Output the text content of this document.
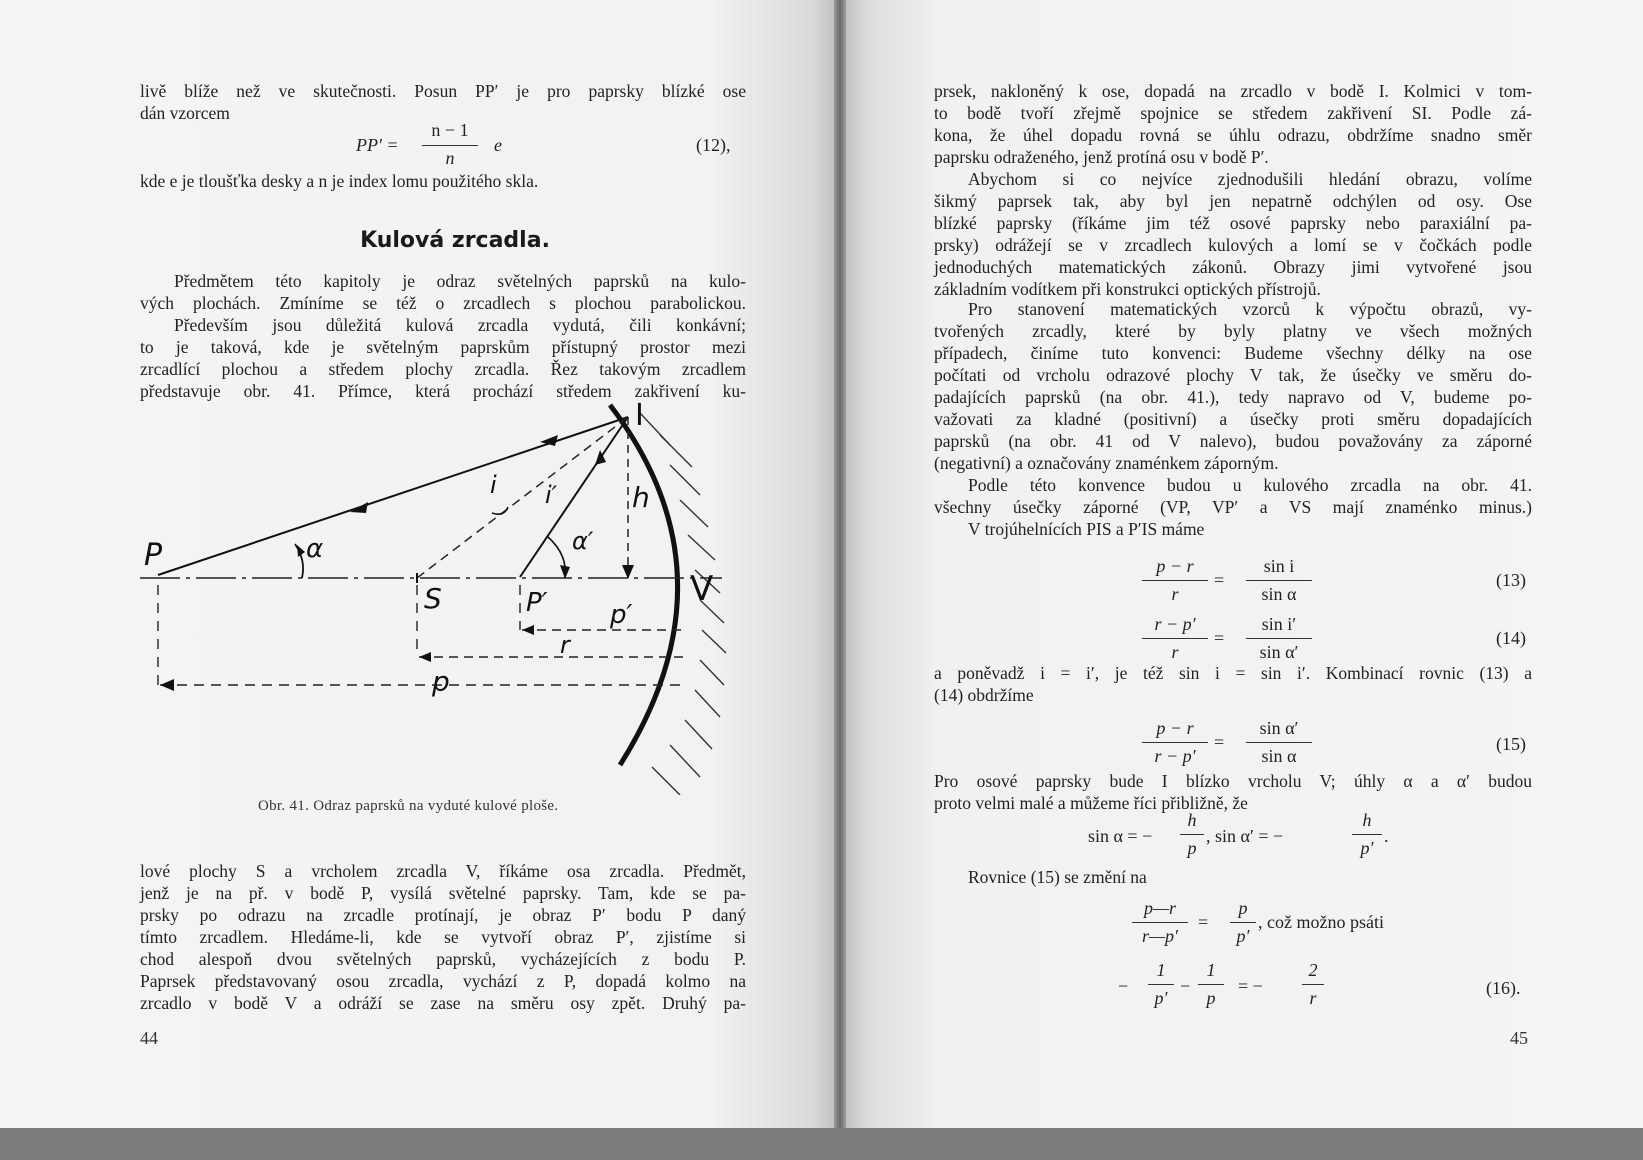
livě blíže než ve skutečnosti. Posun PP′ je pro paprsky blízké ose
dán vzorcem
PP′ =
n − 1
n
e	(12),
kde e je tloušťka desky a n je index lomu použitého skla.
Kulová zrcadla.
Předmětem této kapitoly je odraz světelných paprsků na kulo-
vých plochách. Zmíníme se též o zrcadlech s plochou parabolickou.
Především jsou důležitá kulová zrcadla vydutá, čili konkávní;
to je taková, kde je světelným paprskům přístupný prostor mezi
zrcadlící plochou a středem plochy zrcadla. Řez takovým zrcadlem
představuje obr. 41. Přímce, která prochází středem zakřivení ku-
P	α
i i′
α′
I
h
S	P′	V
p′
r
p
Obr. 41. Odraz paprsků na vyduté kulové ploše.
lové plochy S a vrcholem zrcadla V, říkáme osa zrcadla. Předmět,
jenž je na př. v bodě P, vysílá světelné paprsky. Tam, kde se pa-
prsky po odrazu na zrcadle protínají, je obraz P′ bodu P daný
tímto zrcadlem. Hledáme-li, kde se vytvoří obraz P′, zjistíme si
chod alespoň dvou světelných paprsků, vycházejících z bodu P.
Paprsek představovaný osou zrcadla, vychází z P, dopadá kolmo na
zrcadlo v bodě V a odráží se zase na směru osy zpět. Druhý pa-
44
prsek, nakloněný k ose, dopadá na zrcadlo v bodě I. Kolmici v tom-
to bodě tvoří zřejmě spojnice se středem zakřivení SI. Podle zá-
kona, že úhel dopadu rovná se úhlu odrazu, obdržíme snadno směr
paprsku odraženého, jenž protíná osu v bodě P′.
Abychom si co nejvíce zjednodušili hledání obrazu, volíme
šikmý paprsek tak, aby byl jen nepatrně odchýlen od osy. Ose
blízké paprsky (říkáme jim též osové paprsky nebo paraxiální pa-
prsky) odrážejí se v zrcadlech kulových a lomí se v čočkách podle
jednoduchých matematických zákonů. Obrazy jimi vytvořené jsou
základním vodítkem při konstrukci optických přístrojů.
Pro stanovení matematických vzorců k výpočtu obrazů, vy-
tvořených zrcadly, které by byly platny ve všech možných
případech, činíme tuto konvenci: Budeme všechny délky na ose
počítati od vrcholu odrazové plochy V tak, že úsečky ve směru do-
padajících paprsků (na obr. 41.), tedy napravo od V, budeme po-
važovati za kladné (positivní) a úsečky proti směru dopadajících
paprsků (na obr. 41 od V nalevo), budou považovány za záporné
(negativní) a označovány znaménkem záporným.
Podle této konvence budou u kulového zrcadla na obr. 41.
všechny úsečky záporné (VP, VP′ a VS mají znaménko minus.)
V trojúhelnících PIS a P′IS máme
p − r
r
=
sin i
sin α
(13)
r − p′
r
=
sin i′
sin α′
(14)
a poněvadž i = i′, je též sin i = sin i′. Kombinací rovnic (13) a
(14) obdržíme
p − r
r − p′
=
sin α′
sin α
(15)
Pro osové paprsky bude I blízko vrcholu V; úhly α a α′ budou
proto velmi malé a můžeme říci přibližně, že
sin α = −
h
p
, sin α′ = −
h
p′
.
Rovnice (15) se změní na
p—r
r—p′
=
p
p′
, což možno psáti
−
1
p′
−
1
p
= −
2
r	(16).
45
